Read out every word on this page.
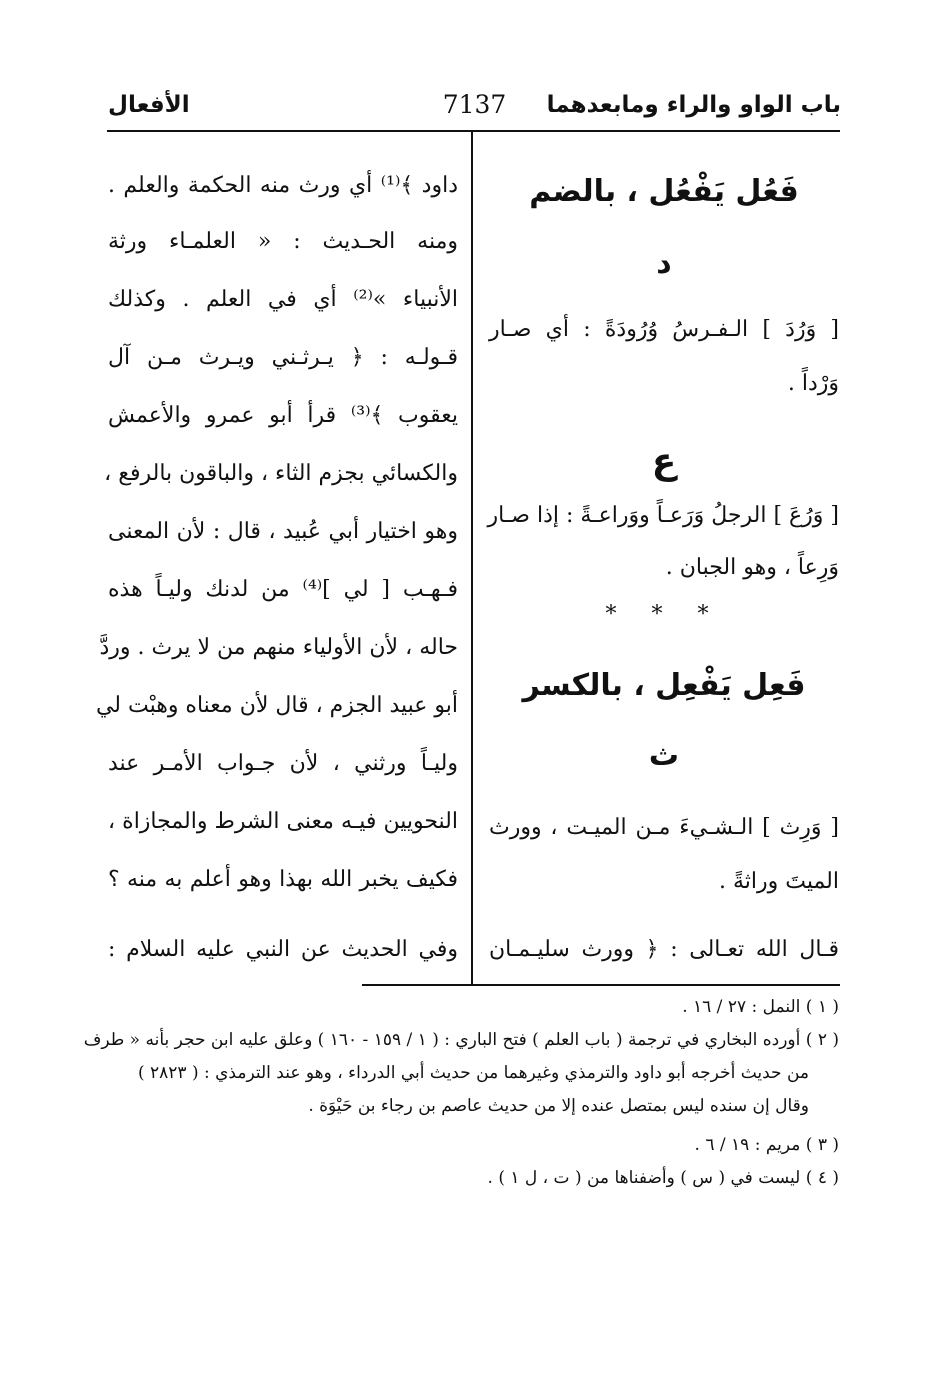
باب الواو والراء ومابعدهما
7137
الأفعال
فَعُل يَفْعُل ، بالضم
د
[ وَرُدَ ] الـفـرسُ وُرُودَةً : أي صـار
وَرْداً .
ع
[ وَرُعَ ] الرجلُ وَرَعـاً ووَراعـةً : إذا صـار
وَرِعاً ، وهو الجبان .
* * *
فَعِل يَفْعِل ، بالكسر
ث
[ وَرِث ] الـشـيءَ مـن الميـت ، وورث
الميتَ وراثةً .
قـال الله تعـالى : ﴿ وورث سليـمـان
داود ﴾⁽¹⁾ أي ورث منه الحكمة والعلم .
ومنه الحـديث : « العلمـاء ورثة
الأنبياء »⁽²⁾ أي في العلم . وكذلك
قـولـه : ﴿ يـرثـني ويـرث مـن آل
يعقوب ﴾⁽³⁾ قرأ أبو عمرو والأعمش
والكسائي بجزم الثاء ، والباقون بالرفع ،
وهو اختيار أبي عُبيد ، قال : لأن المعنى
فـهـب [ لي ]⁽⁴⁾ من لدنك وليـاً هذه
حاله ، لأن الأولياء منهم من لا يرث . وردَّ
أبو عبيد الجزم ، قال لأن معناه وهبْت لي
وليـاً ورثني ، لأن جـواب الأمـر عند
النحويين فيـه معنى الشرط والمجازاة ،
فكيف يخبر الله بهذا وهو أعلم به منه ؟
وفي الحديث عن النبي عليه السلام :
( ١ ) النمل : ٢٧ / ١٦ .
( ٢ ) أورده البخاري في ترجمة ( باب العلم ) فتح الباري : ( ١ / ١٥٩ - ١٦٠ ) وعلق عليه ابن حجر بأنه « طرف
من حديث أخرجه أبو داود والترمذي وغيرهما من حديث أبي الدرداء ، وهو عند الترمذي : ( ٢٨٢٣ )
وقال إن سنده ليس بمتصل عنده إلا من حديث عاصم بن رجاء بن حَيْوَة .
( ٣ ) مريم : ١٩ / ٦ .
( ٤ ) ليست في ( س ) وأضفناها من ( ت ، ل ١ ) .
